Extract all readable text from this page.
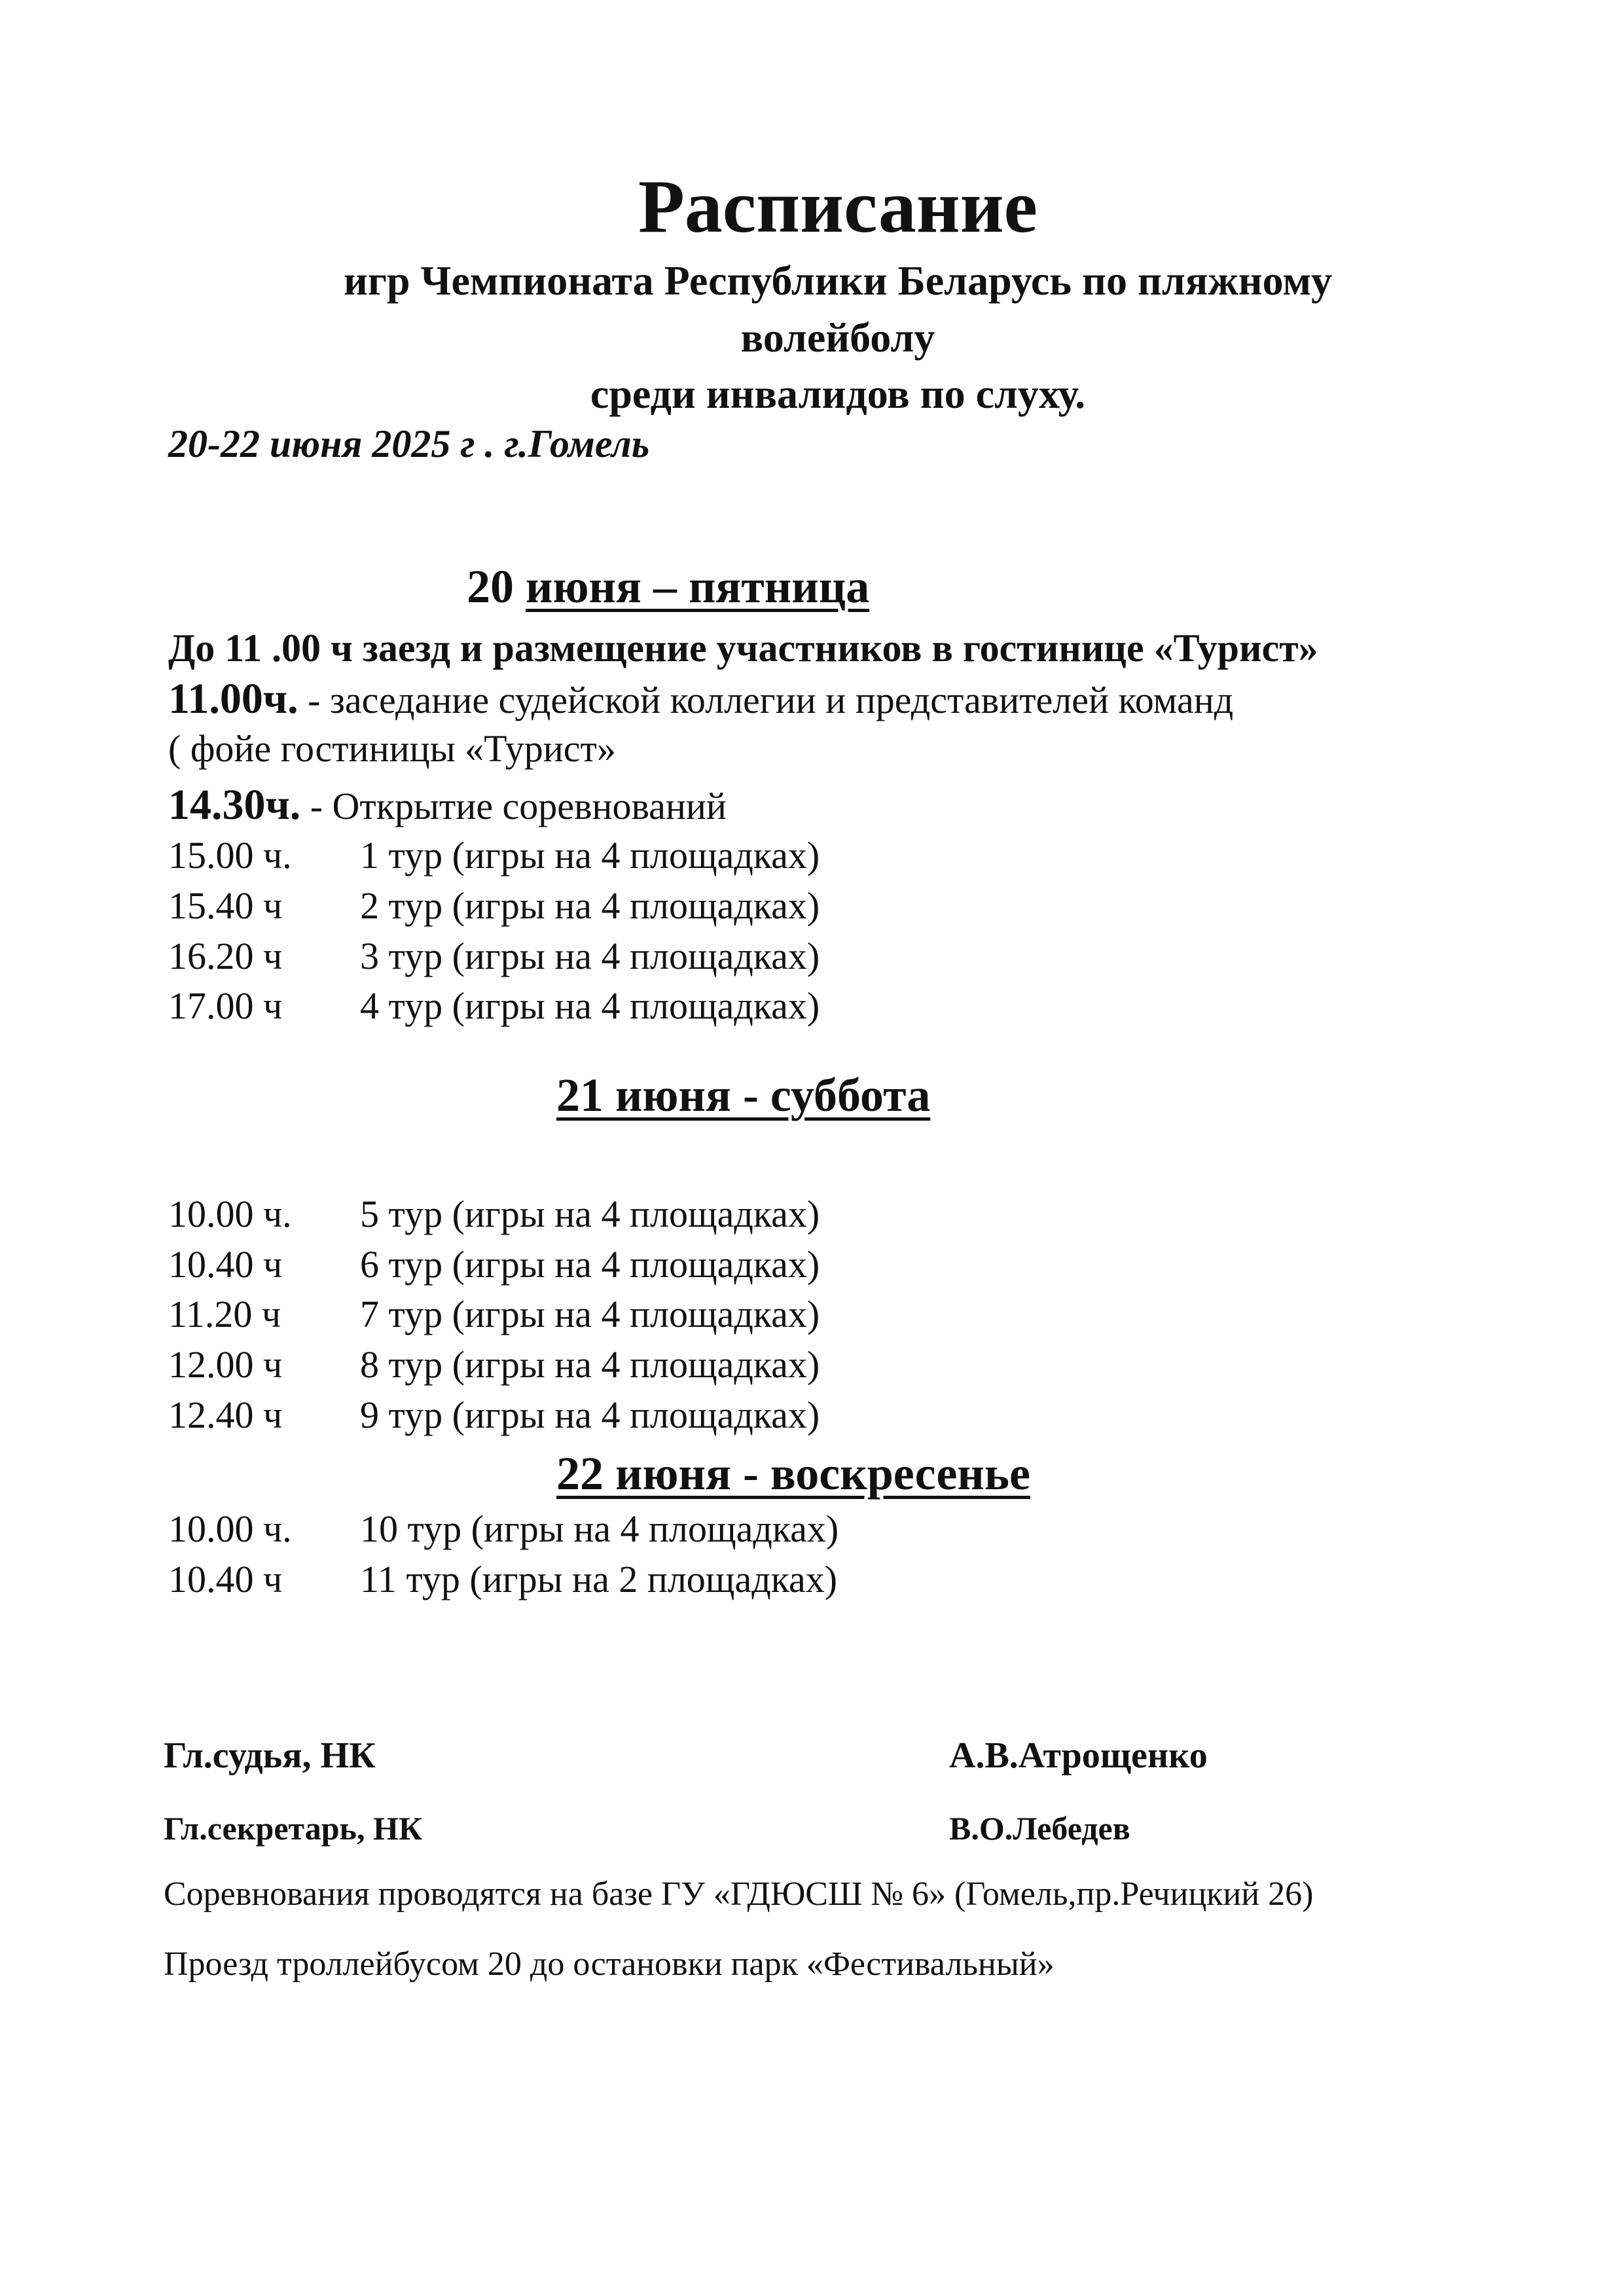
Расписание
игр Чемпионата Республики Беларусь по пляжному
волейболу
среди инвалидов по слуху.
20-22 июня 2025 г . г.Гомель
20 июня – пятница
До 11 .00 ч заезд и размещение участников в гостинице «Турист»
11.00ч. - заседание судейской коллегии и представителей команд
( фойе гостиницы «Турист»
14.30ч. - Открытие соревнований
15.00 ч. 1 тур (игры на 4 площадках)
15.40 ч 2 тур (игры на 4 площадках)
16.20 ч 3 тур (игры на 4 площадках)
17.00 ч 4 тур (игры на 4 площадках)
21 июня - суббота
10.00 ч. 5 тур (игры на 4 площадках)
10.40 ч 6 тур (игры на 4 площадках)
11.20 ч 7 тур (игры на 4 площадках)
12.00 ч 8 тур (игры на 4 площадках)
12.40 ч 9 тур (игры на 4 площадках)
22 июня - воскресенье
10.00 ч. 10 тур (игры на 4 площадках)
10.40 ч 11 тур (игры на 2 площадках)
Гл.судья, НК	А.В.Атрощенко
Гл.секретарь, НК	В.О.Лебедев
Соревнования проводятся на базе ГУ «ГДЮСШ № 6» (Гомель,пр.Речицкий 26)
Проезд троллейбусом 20 до остановки парк «Фестивальный»
